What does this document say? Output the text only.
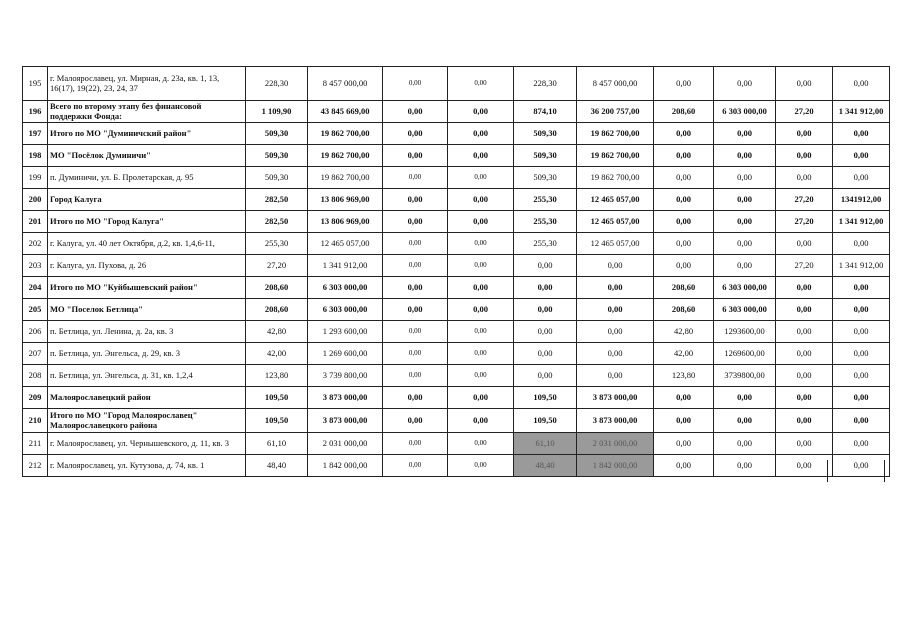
195	г. Малоярославец, ул. Мирная, д. 23а, кв. 1, 13, 16(17), 19(22), 23, 24, 37	228,30	8 457 000,00	0,00	0,00	228,30	8 457 000,00	0,00	0,00	0,00	0,00
196	Всего по второму этапу без финансовой поддержки Фонда:	1 109,90	43 845 669,00	0,00	0,00	874,10	36 200 757,00	208,60	6 303 000,00	27,20	1 341 912,00
197	Итого по МО "Думиничский район"	509,30	19 862 700,00	0,00	0,00	509,30	19 862 700,00	0,00	0,00	0,00	0,00
198	МО "Посёлок Думиничи"	509,30	19 862 700,00	0,00	0,00	509,30	19 862 700,00	0,00	0,00	0,00	0,00
199	п. Думиничи, ул. Б. Пролетарская, д. 95	509,30	19 862 700,00	0,00	0,00	509,30	19 862 700,00	0,00	0,00	0,00	0,00
200	Город Калуга	282,50	13 806 969,00	0,00	0,00	255,30	12 465 057,00	0,00	0,00	27,20	1341912,00
201	Итого по МО "Город Калуга"	282,50	13 806 969,00	0,00	0,00	255,30	12 465 057,00	0,00	0,00	27,20	1 341 912,00
202	г. Калуга, ул. 40 лет Октября, д.2, кв. 1,4,6-11,	255,30	12 465 057,00	0,00	0,00	255,30	12 465 057,00	0,00	0,00	0,00	0,00
203	г. Калуга, ул. Пухова, д. 26	27,20	1 341 912,00	0,00	0,00	0,00	0,00	0,00	0,00	27,20	1 341 912,00
204	Итого по МО "Куйбышевский район"	208,60	6 303 000,00	0,00	0,00	0,00	0,00	208,60	6 303 000,00	0,00	0,00
205	МО "Поселок Бетлица"	208,60	6 303 000,00	0,00	0,00	0,00	0,00	208,60	6 303 000,00	0,00	0,00
206	п. Бетлица, ул. Ленина, д. 2а, кв. 3	42,80	1 293 600,00	0,00	0,00	0,00	0,00	42,80	1293600,00	0,00	0,00
207	п. Бетлица, ул. Энгельса, д. 29, кв. 3	42,00	1 269 600,00	0,00	0,00	0,00	0,00	42,00	1269600,00	0,00	0,00
208	п. Бетлица, ул. Энгельса, д. 31, кв. 1,2,4	123,80	3 739 800,00	0,00	0,00	0,00	0,00	123,80	3739800,00	0,00	0,00
209	Малоярославецкий район	109,50	3 873 000,00	0,00	0,00	109,50	3 873 000,00	0,00	0,00	0,00	0,00
210	Итого по МО "Город Малоярославец" Малоярославецкого района	109,50	3 873 000,00	0,00	0,00	109,50	3 873 000,00	0,00	0,00	0,00	0,00
211	г. Малоярославец, ул. Чернышевского, д. 11, кв. 3	61,10	2 031 000,00	0,00	0,00	61,10	2 031 000,00	0,00	0,00	0,00	0,00
212	г. Малоярославец, ул. Кутузова, д. 74, кв. 1	48,40	1 842 000,00	0,00	0,00	48,40	1 842 000,00	0,00	0,00	0,00	0,00
